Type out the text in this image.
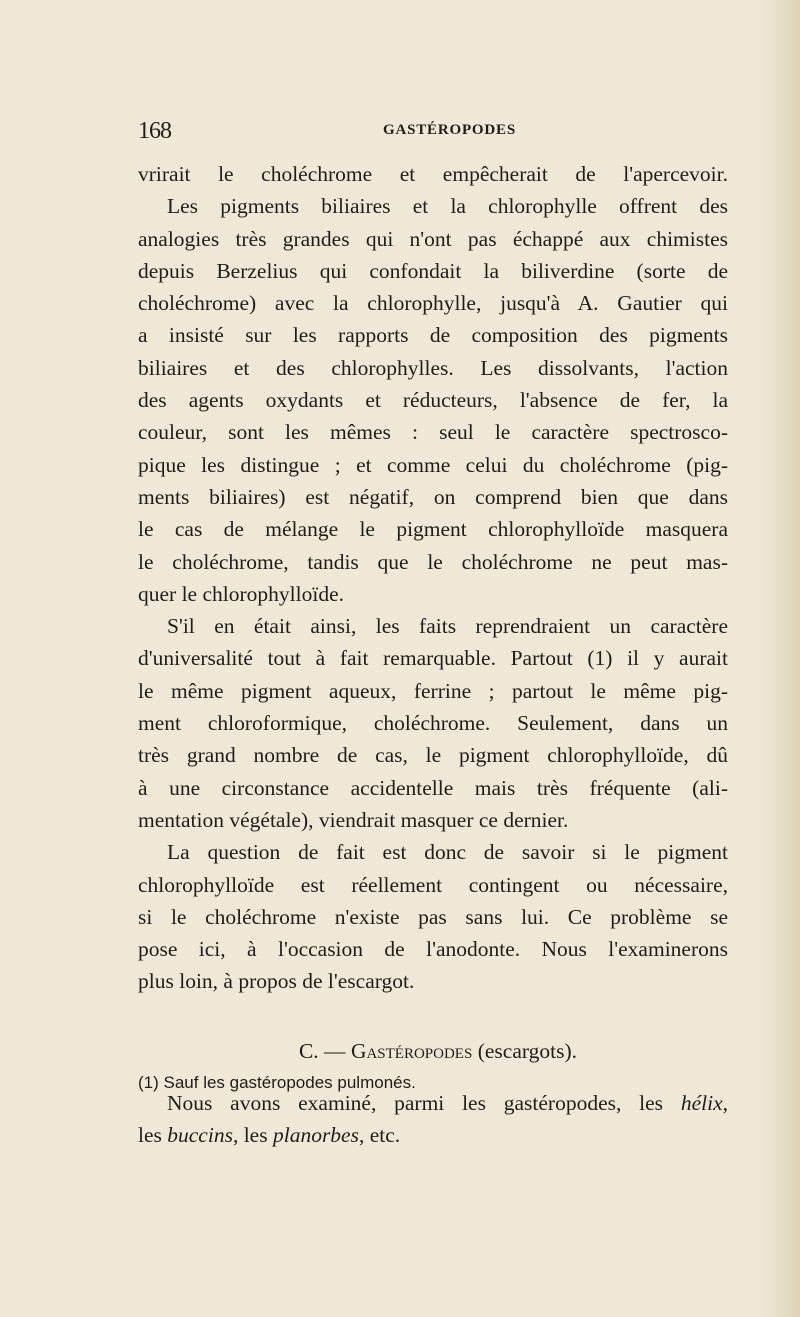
168	GASTÉROPODES
vrirait le choléchrome et empêcherait de l'apercevoir.
Les pigments biliaires et la chlorophylle offrent des
analogies très grandes qui n'ont pas échappé aux chimistes
depuis Berzelius qui confondait la biliverdine (sorte de
choléchrome) avec la chlorophylle, jusqu'à A. Gautier qui
a insisté sur les rapports de composition des pigments
biliaires et des chlorophylles. Les dissolvants, l'action
des agents oxydants et réducteurs, l'absence de fer, la
couleur, sont les mêmes : seul le caractère spectrosco-
pique les distingue ; et comme celui du choléchrome (pig-
ments biliaires) est négatif, on comprend bien que dans
le cas de mélange le pigment chlorophylloïde masquera
le choléchrome, tandis que le choléchrome ne peut mas-
quer le chlorophylloïde.
S'il en était ainsi, les faits reprendraient un caractère
d'universalité tout à fait remarquable. Partout (1) il y aurait
le même pigment aqueux, ferrine ; partout le même pig-
ment chloroformique, choléchrome. Seulement, dans un
très grand nombre de cas, le pigment chlorophylloïde, dû
à une circonstance accidentelle mais très fréquente (ali-
mentation végétale), viendrait masquer ce dernier.
La question de fait est donc de savoir si le pigment
chlorophylloïde est réellement contingent ou nécessaire,
si le choléchrome n'existe pas sans lui. Ce problème se
pose ici, à l'occasion de l'anodonte. Nous l'examinerons
plus loin, à propos de l'escargot.
C. — Gastéropodes (escargots).
Nous avons examiné, parmi les gastéropodes, les hélix,
les buccins, les planorbes, etc.
(1) Sauf les gastéropodes pulmonés.
